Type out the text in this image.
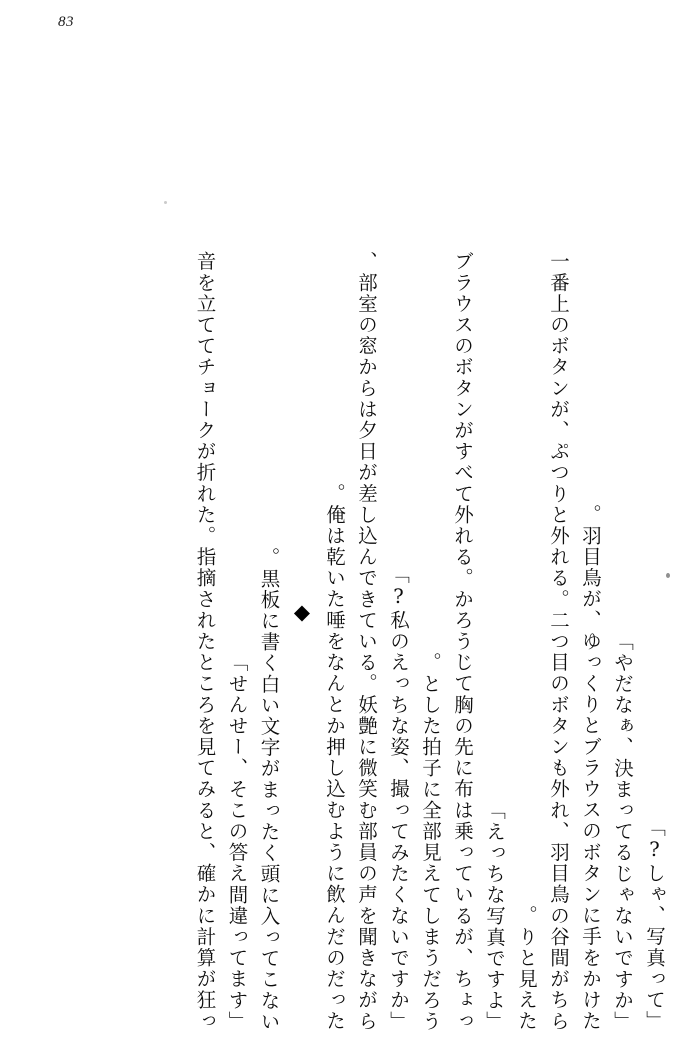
83
「しゃ、写真って?」
「やだなぁ、決まってるじゃないですか」
羽目鳥が、ゆっくりとブラウスのボタンに手をかけた。
一番上のボタンが、ぷつりと外れる。二つ目のボタンも外れ、羽目鳥の谷間がちら
りと見えた。
「えっちな写真ですよ」
ブラウスのボタンがすべて外れる。かろうじて胸の先に布は乗っているが、ちょっ
とした拍子に全部見えてしまうだろう。
「私のえっちな姿、撮ってみたくないですか?」
部室の窓からは夕日が差し込んできている。妖艶に微笑む部員の声を聞きながら、
俺は乾いた唾をなんとか押し込むように飲んだのだった。
◆
黒板に書く白い文字がまったく頭に入ってこない。
「せんせー、そこの答え間違ってます」
音を立ててチョークが折れた。指摘されたところを見てみると、確かに計算が狂っ
